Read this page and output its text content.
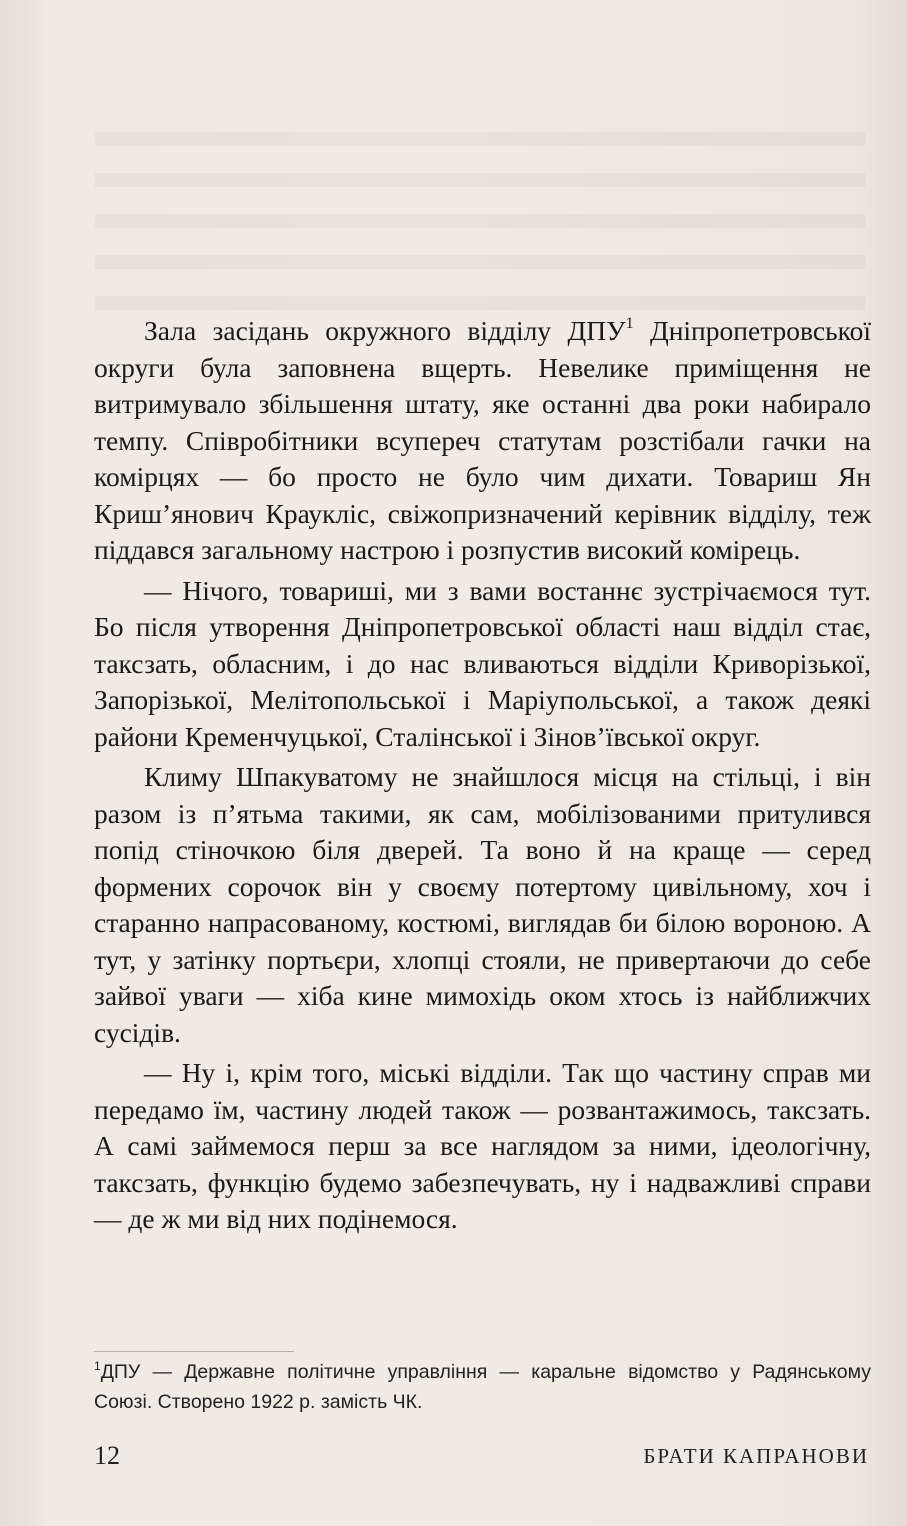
Зала засідань окружного відділу ДПУ$^1$ Дніпропетровської округи була заповнена вщерть. Невелике приміщення не витримувало збільшення штату, яке останні два роки набирало темпу. Співробітники всупереч статутам розстібали гачки на комірцях — бо просто не було чим дихати. Товариш Ян Криш’янович Краукліс, свіжопризначений керівник відділу, теж піддався загальному настрою і розпустив високий комірець.

— Нічого, товариші, ми з вами востаннє зустрічаємося тут. Бо після утворення Дніпропетровської області наш відділ стає, таксзать, обласним, і до нас вливаються відділи Криворізької, Запорізької, Мелітопольської і Маріупольської, а також деякі райони Кременчуцької, Сталінської і Зінов’ївської округ.

Климу Шпакуватому не знайшлося місця на стільці, і він разом із п’ятьма такими, як сам, мобілізованими притулився попід стіночкою біля дверей. Та воно й на краще — серед формених сорочок він у своєму потертому цивільному, хоч і старанно напрасованому, костюмі, виглядав би білою вороною. А тут, у затінку портьєри, хлопці стояли, не привертаючи до себе зайвої уваги — хіба кине мимохідь оком хтось із найближчих сусідів.

— Ну і, крім того, міські відділи. Так що частину справ ми передамо їм, частину людей також — розвантажимось, таксзать. А самі займемося перш за все наглядом за ними, ідеологічну, таксзать, функцію будемо забезпечувать, ну і надважливі справи — де ж ми від них подінемося.

$^1$ДПУ — Державне політичне управління — каральне відомство у Радянському Союзі. Створено 1922 р. замість ЧК.
12	БРАТИ КАПРАНОВИ
